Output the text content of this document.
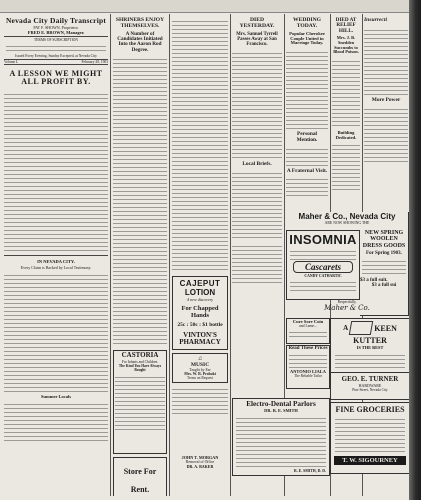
Nevada City Daily Transcript
PAT F. SHOWN, Proprietor.
FRED E. BROWN, Manager.
TERMS OF SUBSCRIPTION
Issued Every Evening, Sunday Excepted, at Nevada City
Volume L	February 28, 1903
A LESSON WE MIGHT ALL PROFIT BY.
IN NEVADA CITY.
Every Claim is Backed by Local Testimony.
Summer Locals
SHRINERS ENJOY THEMSELVES.
A Number of Candidates Initiated Into the Aaron Rod Degree.
CASTORIA
For Infants and Children.
The Kind You Have Always Bought
Store For Rent.
CAJEPUT
LOTION
A new discovery
For Chapped Hands
25c : 50c : $1 bottle
VINTON'S PHARMACY
♫
MUSIC
Taught by Ear
Mrs. W. R. Proboki
Terms on Request
DIED YESTERDAY.
Mrs. Samuel Tyrrell Passes Away at San Francisco.
Local Briefs.
WEDDING TODAY.
Popular Cherokee Couple United in Marriage Today.
Personal Mention.
A Fraternal Visit.
DIED AT RELIEF HILL.
Mrs. J. B. Snedden Succumbs to Blood Poison.
Building Dedicated.
Insurrecti
More Power
INSOMNIA
Cascarets
CANDY CATHARTIC
Maher & Co., Nevada City
ARE NOW SHOWING THE
NEW SPRING WOOLEN DRESS GOODS
For Spring 1903.
$3 a full suit.
$3 a full sui
Respectfully,
Maher & Co.
A	KEEN
KUTTER
IS THE BEST
GEO. E. TURNER
HARDWARE
Pine Street, Nevada City
Cure Sore Coin
and Lame...
Read These Prices
ANTONIO LIALA
The Reliable Tailor
Electro-Dental Parlors
DR. R. E. SMITH
R. E. SMITH, D. D.
FINE GROCERIES
T. W. SIGOURNEY
JOHN T. MORGAN
Removal of Office
DR. A. BAKER
